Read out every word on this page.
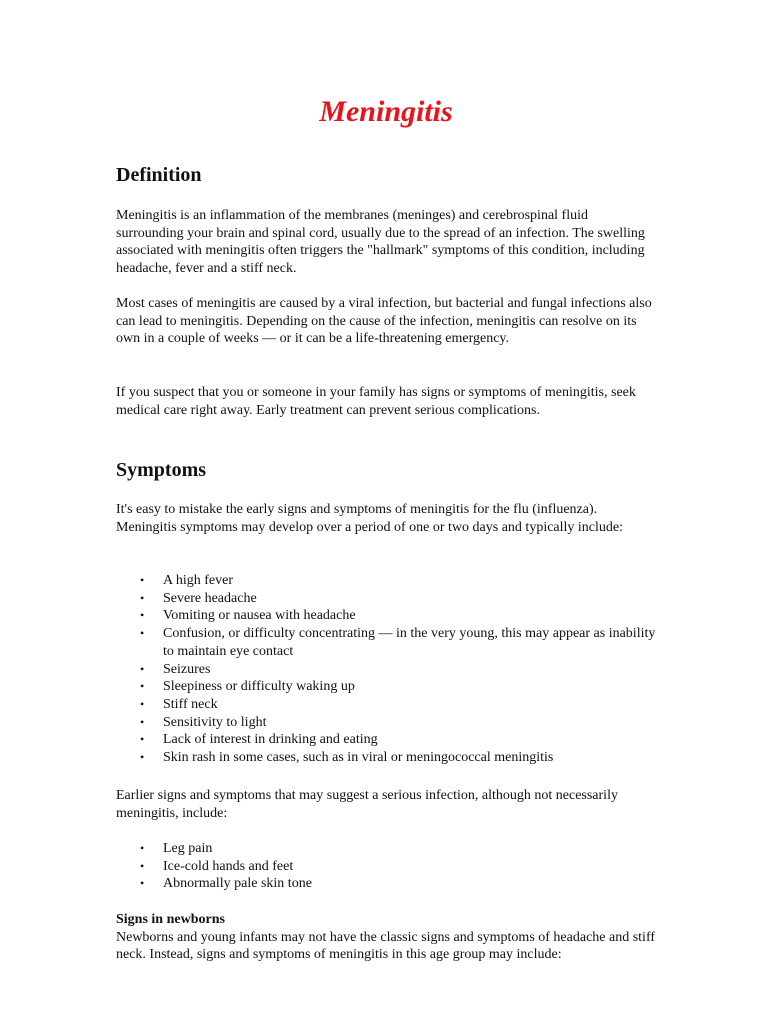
Meningitis
Definition

Meningitis is an inflammation of the membranes (meninges) and cerebrospinal fluid surrounding your brain and spinal cord, usually due to the spread of an infection. The swelling associated with meningitis often triggers the "hallmark" symptoms of this condition, including headache, fever and a stiff neck.

Most cases of meningitis are caused by a viral infection, but bacterial and fungal infections also can lead to meningitis. Depending on the cause of the infection, meningitis can resolve on its own in a couple of weeks — or it can be a life-threatening emergency.

If you suspect that you or someone in your family has signs or symptoms of meningitis, seek medical care right away. Early treatment can prevent serious complications.

Symptoms

It's easy to mistake the early signs and symptoms of meningitis for the flu (influenza). Meningitis symptoms may develop over a period of one or two days and typically include:

• A high fever
• Severe headache
• Vomiting or nausea with headache
• Confusion, or difficulty concentrating — in the very young, this may appear as inability to maintain eye contact
• Seizures
• Sleepiness or difficulty waking up
• Stiff neck
• Sensitivity to light
• Lack of interest in drinking and eating
• Skin rash in some cases, such as in viral or meningococcal meningitis

Earlier signs and symptoms that may suggest a serious infection, although not necessarily meningitis, include:

• Leg pain
• Ice-cold hands and feet
• Abnormally pale skin tone

Signs in newborns

Newborns and young infants may not have the classic signs and symptoms of headache and stiff neck. Instead, signs and symptoms of meningitis in this age group may include:
